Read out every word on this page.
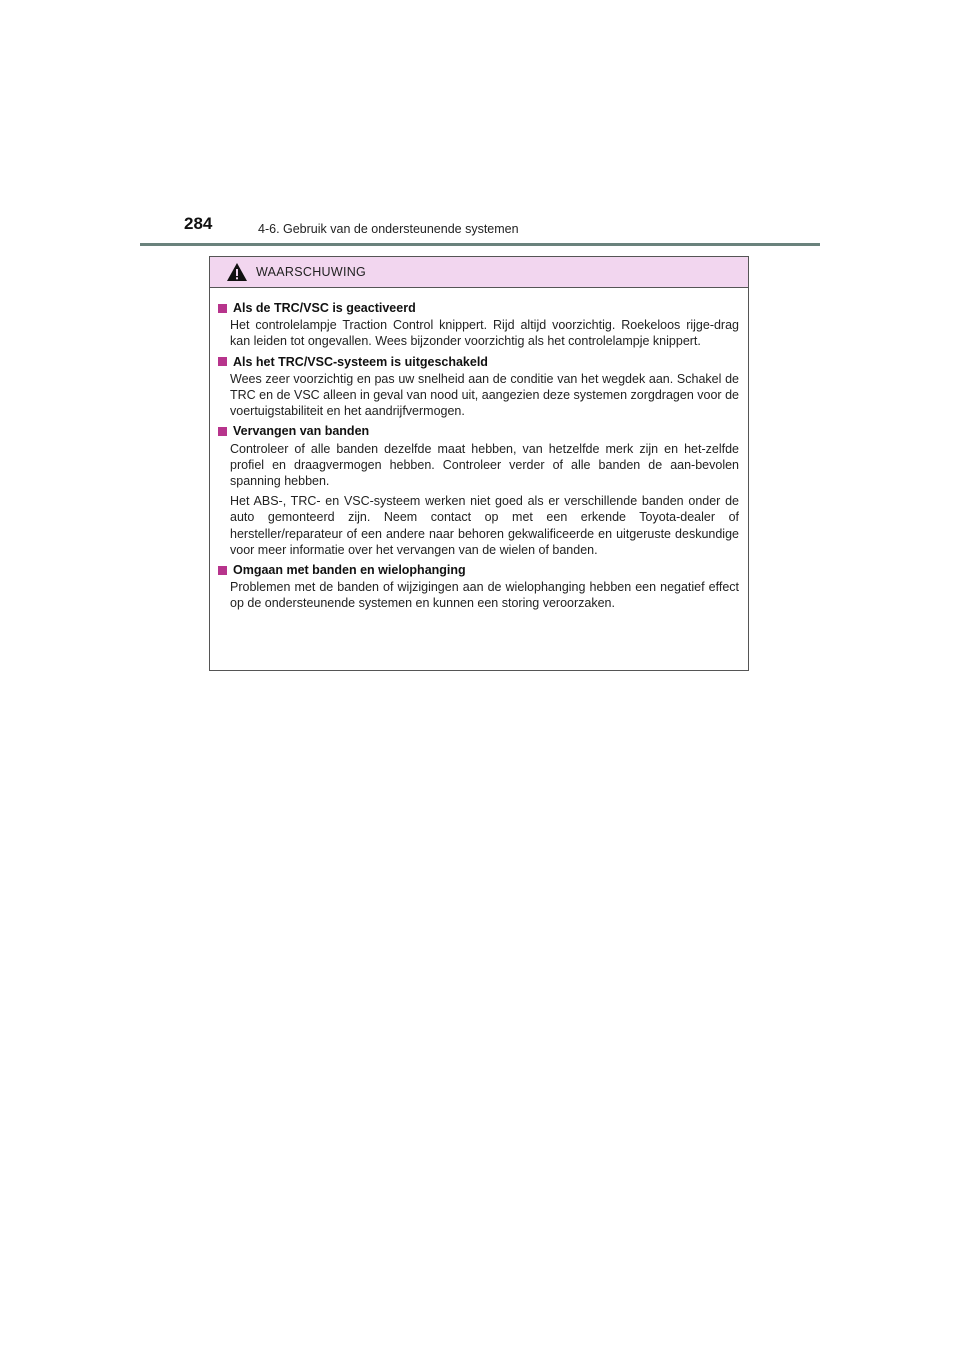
284	4-6. Gebruik van de ondersteunende systemen
WAARSCHUWING
Als de TRC/VSC is geactiveerd

Het controlelampje Traction Control knippert. Rijd altijd voorzichtig. Roekeloos rijge-drag kan leiden tot ongevallen. Wees bijzonder voorzichtig als het controlelampje knippert.

Als het TRC/VSC-systeem is uitgeschakeld

Wees zeer voorzichtig en pas uw snelheid aan de conditie van het wegdek aan. Schakel de TRC en de VSC alleen in geval van nood uit, aangezien deze systemen zorgdragen voor de voertuigstabiliteit en het aandrijfvermogen.

Vervangen van banden

Controleer of alle banden dezelfde maat hebben, van hetzelfde merk zijn en het-zelfde profiel en draagvermogen hebben. Controleer verder of alle banden de aan-bevolen spanning hebben.

Het ABS-, TRC- en VSC-systeem werken niet goed als er verschillende banden onder de auto gemonteerd zijn. Neem contact op met een erkende Toyota-dealer of hersteller/reparateur of een andere naar behoren gekwalificeerde en uitgeruste deskundige voor meer informatie over het vervangen van de wielen of banden.

Omgaan met banden en wielophanging

Problemen met de banden of wijzigingen aan de wielophanging hebben een negatief effect op de ondersteunende systemen en kunnen een storing veroorzaken.
